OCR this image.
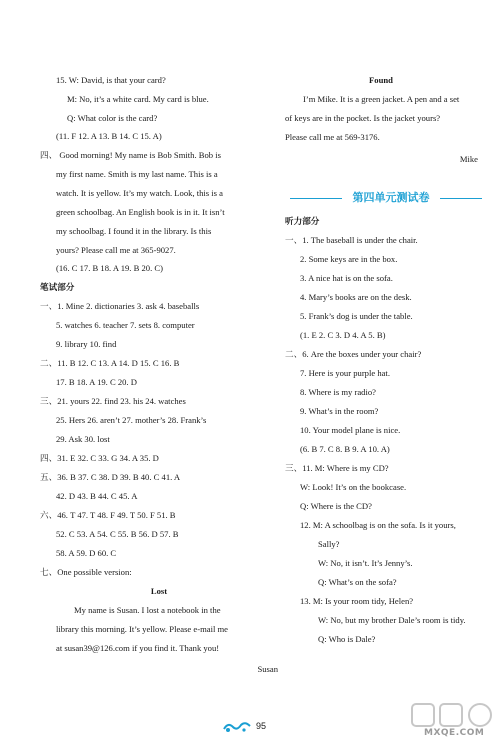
15. W: David, is that your card?
M: No, it’s a white card. My card is blue.
Q: What color is the card?
(11. F 12. A 13. B 14. C 15. A)
四、 Good morning! My name is Bob Smith. Bob is
my first name. Smith is my last name. This is a
watch. It is yellow. It’s my watch. Look, this is a
green schoolbag. An English book is in it. It isn’t
my schoolbag. I found it in the library. Is this
yours? Please call me at 365-9027.
(16. C 17. B 18. A 19. B 20. C)
笔试部分
一、1. Mine 2. dictionaries 3. ask 4. baseballs
5. watches 6. teacher 7. sets 8. computer
9. library 10. find
二、11. B 12. C 13. A 14. D 15. C 16. B
17. B 18. A 19. C 20. D
三、21. yours 22. find 23. his 24. watches
25. Hers 26. aren’t 27. mother’s 28. Frank’s
29. Ask 30. lost
四、31. E 32. C 33. G 34. A 35. D
五、36. B 37. C 38. D 39. B 40. C 41. A
42. D 43. B 44. C 45. A
六、46. T 47. T 48. F 49. T 50. F 51. B
52. C 53. A 54. C 55. B 56. D 57. B
58. A 59. D 60. C
七、One possible version:
Lost
My name is Susan. I lost a notebook in the
library this morning. It’s yellow. Please e-mail me
at susan39@126.com if you find it. Thank you!
Susan
Found
I’m Mike. It is a green jacket. A pen and a set
of keys are in the pocket. Is the jacket yours?
Please call me at 569-3176.
Mike
第四单元测试卷
听力部分
一、1. The baseball is under the chair.
2. Some keys are in the box.
3. A nice hat is on the sofa.
4. Mary’s books are on the desk.
5. Frank’s dog is under the table.
(1. E 2. C 3. D 4. A 5. B)
二、6. Are the boxes under your chair?
7. Here is your purple hat.
8. Where is my radio?
9. What’s in the room?
10. Your model plane is nice.
(6. B 7. C 8. B 9. A 10. A)
三、11. M: Where is my CD?
W: Look! It’s on the bookcase.
Q: Where is the CD?
12. M: A schoolbag is on the sofa. Is it yours,
Sally?
W: No, it isn’t. It’s Jenny’s.
Q: What’s on the sofa?
13. M: Is your room tidy, Helen?
W: No, but my brother Dale’s room is tidy.
Q: Who is Dale?
95
MXQE.COM
